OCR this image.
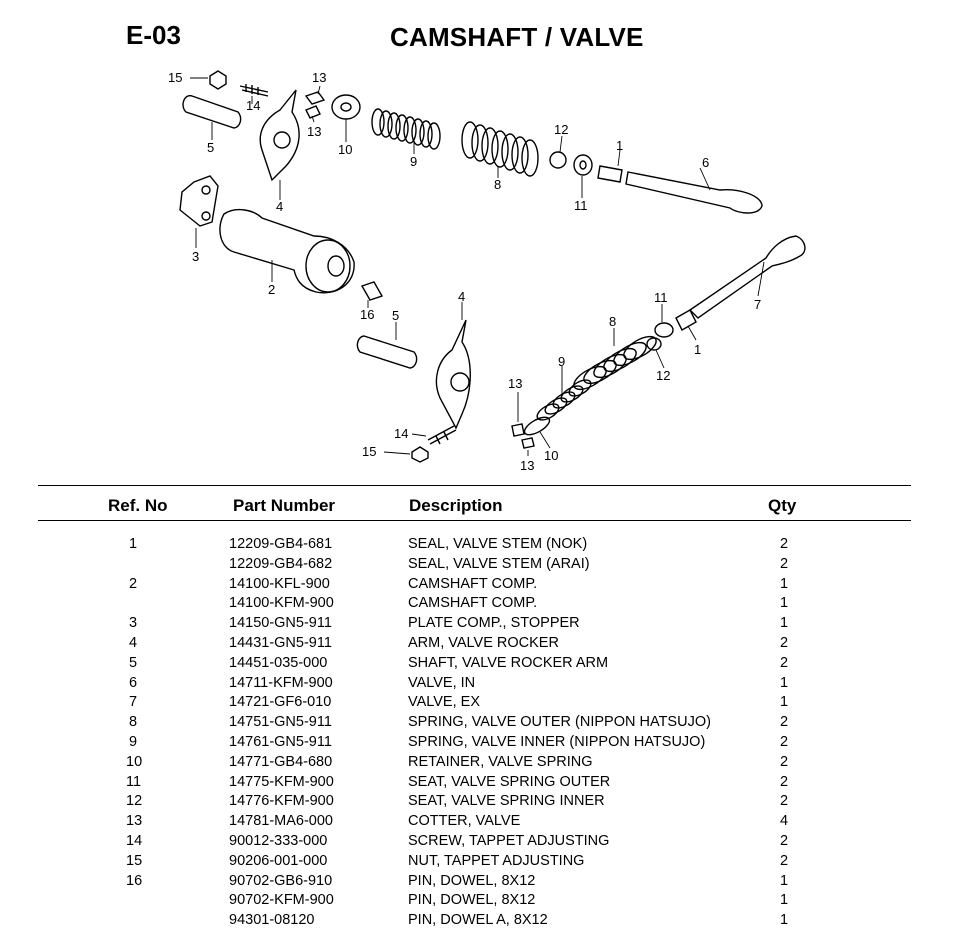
E-03	CAMSHAFT / VALVE
15
14
13
13
10
9
8
12
1
6
5
4
3
2
11
16 5
4
7
11
1
8
12
9
13
14
15	10
13
Ref. No	Part Number	Description	Qty
1	12209-GB4-681	SEAL, VALVE STEM (NOK)	2
12209-GB4-682	SEAL, VALVE STEM (ARAI)	2
2	14100-KFL-900	CAMSHAFT COMP.	1
14100-KFM-900	CAMSHAFT COMP.	1
3	14150-GN5-911	PLATE COMP., STOPPER	1
4	14431-GN5-911	ARM, VALVE ROCKER	2
5	14451-035-000	SHAFT, VALVE ROCKER ARM	2
6	14711-KFM-900	VALVE, IN	1
7	14721-GF6-010	VALVE, EX	1
8	14751-GN5-911	SPRING, VALVE OUTER (NIPPON HATSUJO)	2
9	14761-GN5-911	SPRING, VALVE INNER (NIPPON HATSUJO)	2
10	14771-GB4-680	RETAINER, VALVE SPRING	2
11	14775-KFM-900	SEAT, VALVE SPRING OUTER	2
12	14776-KFM-900	SEAT, VALVE SPRING INNER	2
13	14781-MA6-000	COTTER, VALVE	4
14	90012-333-000	SCREW, TAPPET ADJUSTING	2
15	90206-001-000	NUT, TAPPET ADJUSTING	2
16	90702-GB6-910	PIN, DOWEL, 8X12	1
90702-KFM-900	PIN, DOWEL, 8X12	1
94301-08120	PIN, DOWEL A, 8X12	1
